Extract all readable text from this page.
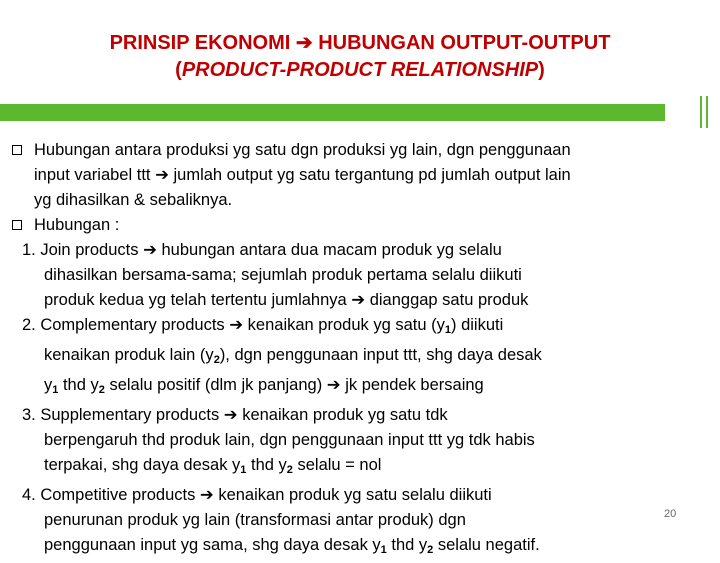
PRINSIP EKONOMI ➔ HUBUNGAN OUTPUT-OUTPUT
(PRODUCT-PRODUCT RELATIONSHIP)
Hubungan antara produksi yg satu dgn produksi yg lain, dgn penggunaan
input variabel ttt ➔ jumlah output yg satu tergantung pd jumlah output lain
yg dihasilkan & sebaliknya.
Hubungan :
1. Join products ➔ hubungan antara dua macam produk yg selalu
dihasilkan bersama-sama; sejumlah produk pertama selalu diikuti
produk kedua yg telah tertentu jumlahnya ➔ dianggap satu produk
2. Complementary products ➔ kenaikan produk yg satu $(y_1)$ diikuti
kenaikan produk lain $(y_2)$, dgn penggunaan input ttt, shg daya desak
$y_1$ thd $y_2$ selalu positif (dlm jk panjang) ➔ jk pendek bersaing
3. Supplementary products ➔ kenaikan produk yg satu tdk
berpengaruh thd produk lain, dgn penggunaan input ttt yg tdk habis
terpakai, shg daya desak $y_1$ thd $y_2$ selalu = nol
4. Competitive products ➔ kenaikan produk yg satu selalu diikuti
penurunan produk yg lain (transformasi antar produk) dgn
penggunaan input yg sama, shg daya desak $y_1$ thd $y_2$ selalu negatif.
20
